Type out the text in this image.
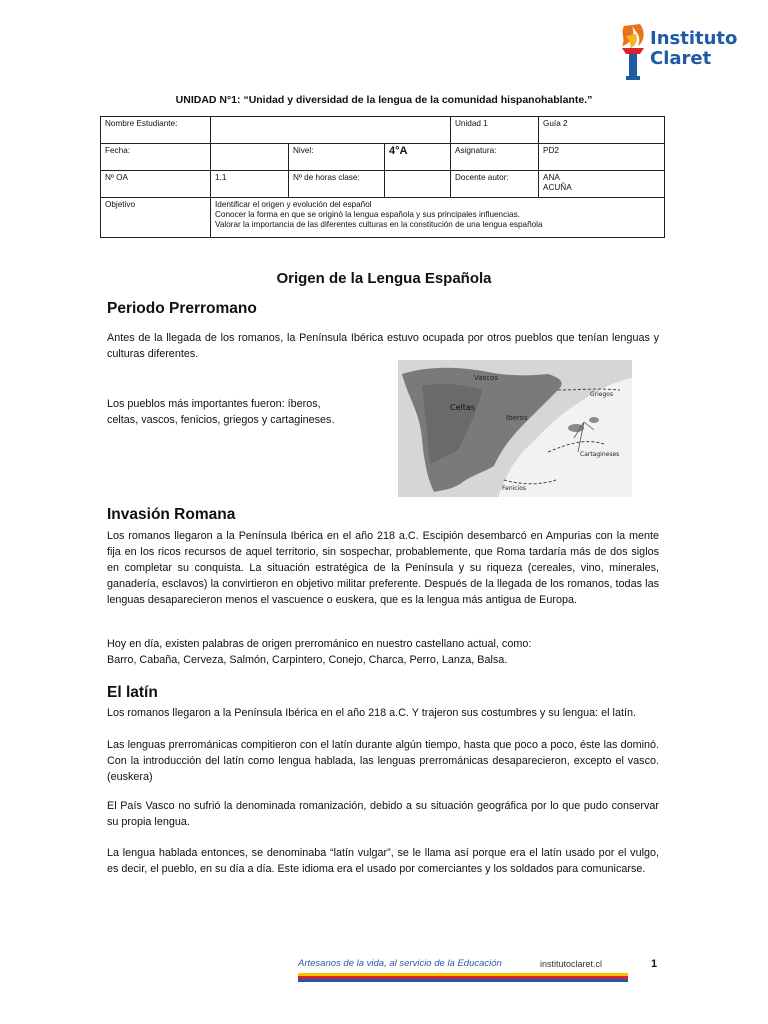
Instituto
Claret
UNIDAD N°1: “Unidad y diversidad de la lengua de la comunidad hispanohablante.”
Nombre Estudiante:				Unidad 1	Guía 2
Fecha:		Nivel:	4°A	Asignatura:	PD2
Nº OA	1.1	Nº de horas clase:		Docente autor:	ANA
ACUÑA

Objetivo	Identificar el origen y evolución del español
Conocer la forma en que se originó la lengua española y sus principales influencias.
Valorar la importancia de las diferentes culturas en la constitución de una lengua española				
Origen de la Lengua Española
Periodo Prerromano
Antes de la llegada de los romanos, la Península Ibérica estuvo ocupada por otros pueblos que tenían lenguas y culturas diferentes.
Los pueblos más importantes fueron: íberos,
celtas, vascos, fenicios, griegos y cartagineses.
Vascos
Celtas
Iberos
Griegos
Cartagineses
Fenicios
Invasión Romana
Los romanos llegaron a la Península Ibérica en el año 218 a.C. Escipión desembarcó en Ampurias con la mente fija en los ricos recursos de aquel territorio, sin sospechar, probablemente, que Roma tardaría más de dos siglos en completar su conquista. La situación estratégica de la Península y su riqueza (cereales, vino, minerales, ganadería, esclavos) la convirtieron en objetivo militar preferente. Después de la llegada de los romanos, todas las lenguas desaparecieron menos el vascuence o euskera, que es la lengua más antigua de Europa.
Hoy en día, existen palabras de origen prerrománico en nuestro castellano actual, como:
Barro, Cabaña, Cerveza, Salmón, Carpintero, Conejo, Charca, Perro, Lanza, Balsa.
El latín
Los romanos llegaron a la Península Ibérica en el año 218 a.C. Y trajeron sus costumbres y su lengua: el latín.
Las lenguas prerrománicas compitieron con el latín durante algún tiempo, hasta que poco a poco, éste las dominó. Con la introducción del latín como lengua hablada, las lenguas prerrománicas desaparecieron, excepto el vasco. (euskera)
El País Vasco no sufrió la denominada romanización, debido a su situación geográfica por lo que pudo conservar su propia lengua.
La lengua hablada entonces, se denominaba “latín vulgar”, se le llama así porque era el latín usado por el vulgo, es decir, el pueblo, en su día a día. Este idioma era el usado por comerciantes y los soldados para comunicarse.
Artesanos de la vida, al servicio de la Educación	institutoclaret.cl	1
